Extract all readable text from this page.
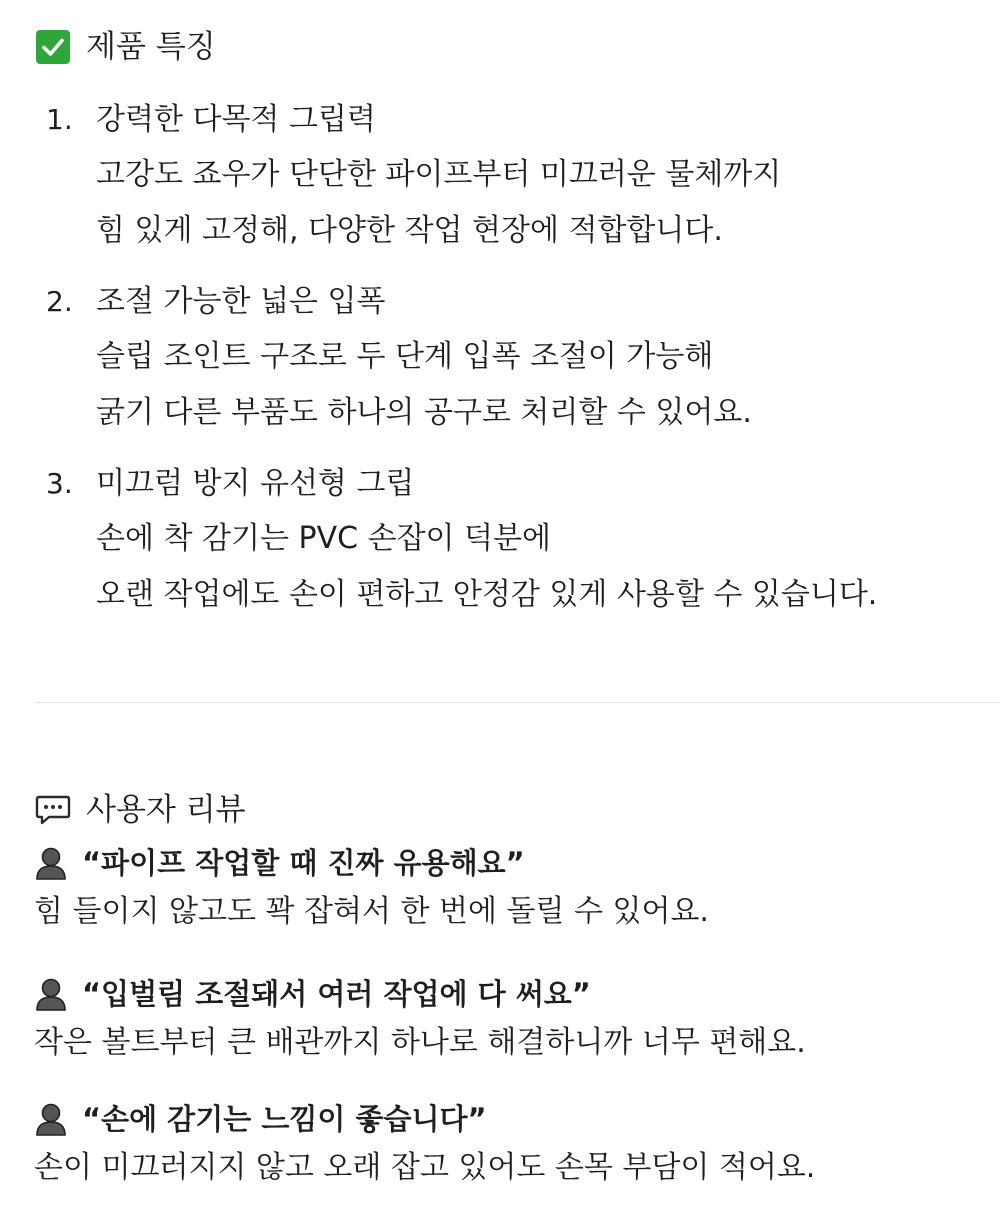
제품 특징
1. 강력한 다목적 그립력
고강도 죠우가 단단한 파이프부터 미끄러운 물체까지
힘 있게 고정해, 다양한 작업 현장에 적합합니다.
2. 조절 가능한 넓은 입폭
슬립 조인트 구조로 두 단계 입폭 조절이 가능해
굵기 다른 부품도 하나의 공구로 처리할 수 있어요.
3. 미끄럼 방지 유선형 그립
손에 착 감기는 PVC 손잡이 덕분에
오랜 작업에도 손이 편하고 안정감 있게 사용할 수 있습니다.
사용자 리뷰
“파이프 작업할 때 진짜 유용해요”
힘 들이지 않고도 꽉 잡혀서 한 번에 돌릴 수 있어요.
“입벌림 조절돼서 여러 작업에 다 써요”
작은 볼트부터 큰 배관까지 하나로 해결하니까 너무 편해요.
“손에 감기는 느낌이 좋습니다”
손이 미끄러지지 않고 오래 잡고 있어도 손목 부담이 적어요.
